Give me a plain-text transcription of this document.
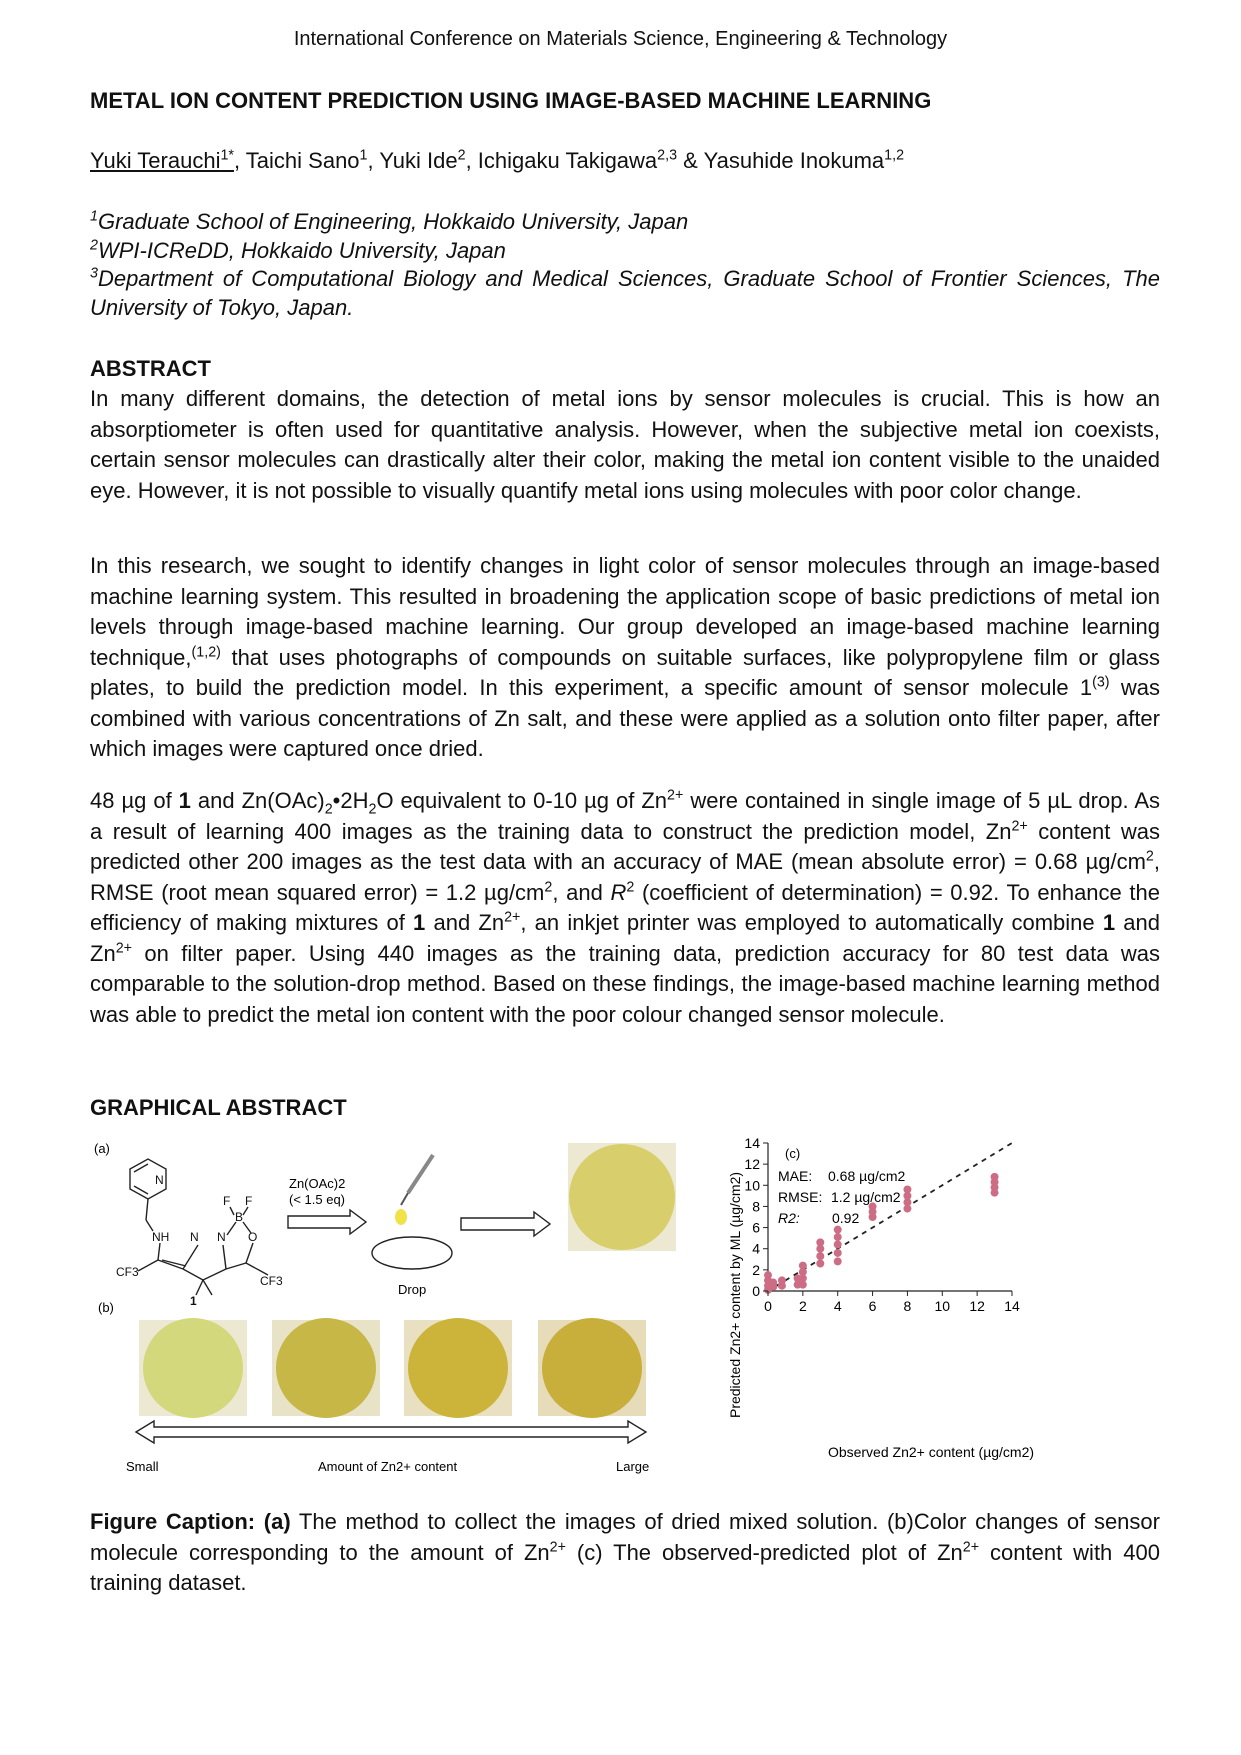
International Conference on Materials Science, Engineering & Technology
METAL ION CONTENT PREDICTION USING IMAGE-BASED MACHINE LEARNING
Yuki Terauchi$^{1*}$, Taichi Sano$^1$, Yuki Ide$^2$, Ichigaku Takigawa$^{2,3}$ & Yasuhide Inokuma$^{1,2}$
$^1$Graduate School of Engineering, Hokkaido University, Japan
$^2$WPI-ICReDD, Hokkaido University, Japan
$^3$Department of Computational Biology and Medical Sciences, Graduate School of Frontier Sciences, The University of Tokyo, Japan.
ABSTRACT
In many different domains, the detection of metal ions by sensor molecules is crucial. This is how an absorptiometer is often used for quantitative analysis. However, when the subjective metal ion coexists, certain sensor molecules can drastically alter their color, making the metal ion content visible to the unaided eye. However, it is not possible to visually quantify metal ions using molecules with poor color change.
In this research, we sought to identify changes in light color of sensor molecules through an image-based machine learning system. This resulted in broadening the application scope of basic predictions of metal ion levels through image-based machine learning. Our group developed an image-based machine learning technique,$^{(1,2)}$ that uses photographs of compounds on suitable surfaces, like polypropylene film or glass plates, to build the prediction model. In this experiment, a specific amount of sensor molecule 1$^{(3)}$ was combined with various concentrations of Zn salt, and these were applied as a solution onto filter paper, after which images were captured once dried.
48 µg of 1 and $Zn(OAc)_2•2H_2O$ equivalent to 0-10 µg of $Zn^{2+}$ were contained in single image of 5 µL drop. As a result of learning 400 images as the training data to construct the prediction model, $Zn^{2+}$ content was predicted other 200 images as the test data with an accuracy of MAE (mean absolute error) = 0.68 $\mu g/cm^2$, RMSE (root mean squared error) = 1.2 $\mu g/cm^2$, and $R^2$ (coefficient of determination) = 0.92. To enhance the efficiency of making mixtures of 1 and $Zn^{2+}$, an inkjet printer was employed to automatically combine 1 and $Zn^{2+}$ on filter paper. Using 440 images as the training data, prediction accuracy for 80 test data was comparable to the solution-drop method. Based on these findings, the image-based machine learning method was able to predict the metal ion content with the poor colour changed sensor molecule.
GRAPHICAL ABSTRACT
(a)
(b)
(c)
N
NH N N O
B
F F
CF3
CF3
1
Zn(OAc)2
(< 1.5 eq)
Drop
Small	Amount of Zn2+ content	Large
0 2 4 6 8 10 12 14
0
2
4
6
8
10
12
14
Observed Zn2+ content (µg/cm2)
Predicted Zn2+ content by ML (µg/cm2)	MAE: 0.68 µg/cm2
RMSE: 1.2 µg/cm2
R2: 0.92
Figure Caption: (a) The method to collect the images of dried mixed solution. (b)Color changes of sensor molecule corresponding to the amount of $Zn^{2+}$ (c) The observed-predicted plot of $Zn^{2+}$ content with 400 training dataset.
